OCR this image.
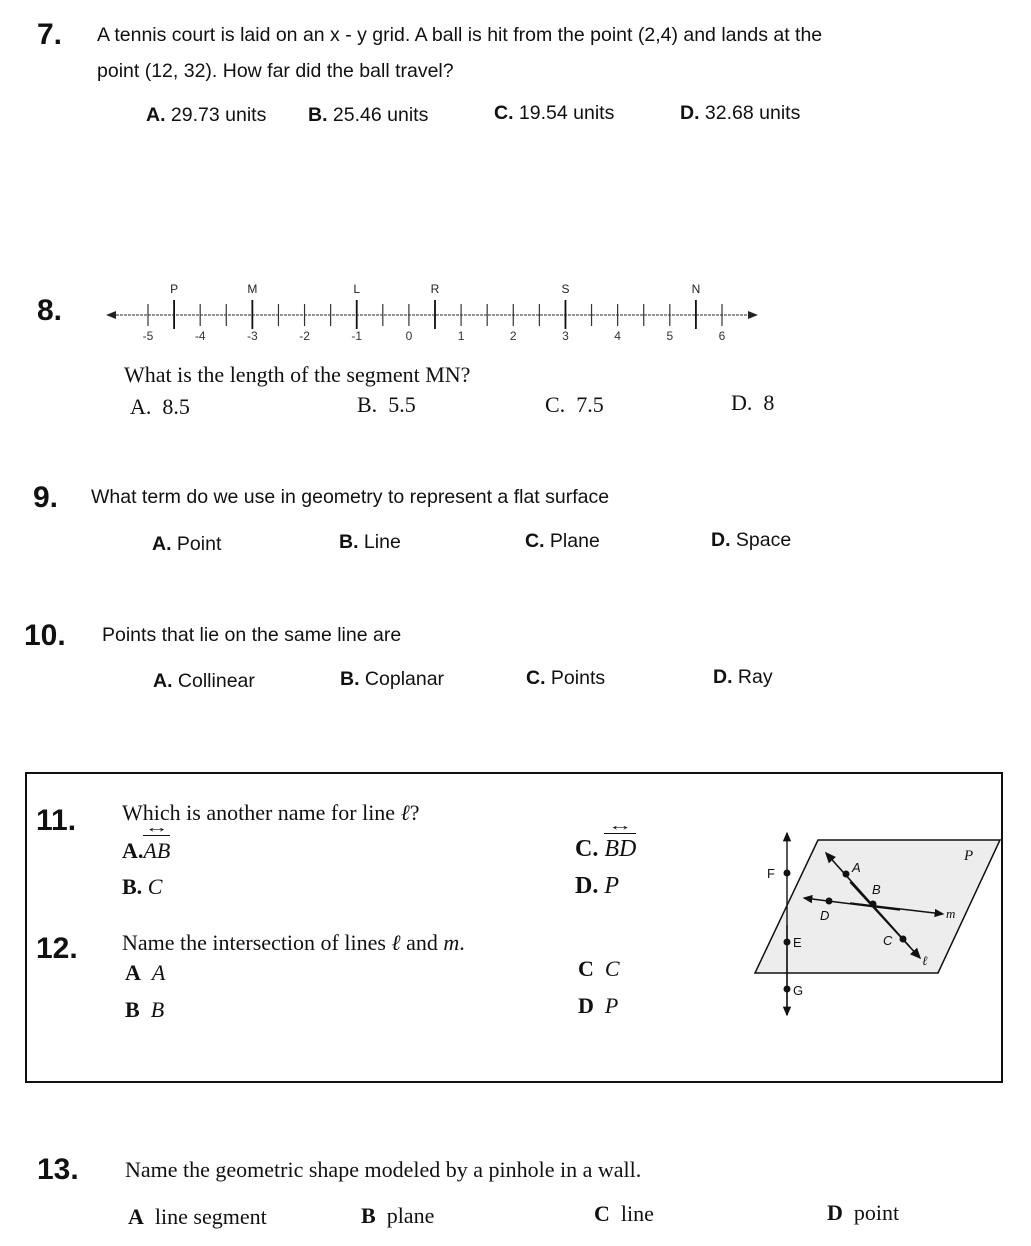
7. A tennis court is laid on an x - y grid. A ball is hit from the point (2,4) and lands at the
point (12, 32). How far did the ball travel?
A. 29.73 units B. 25.46 units	C. 19.54 units	D. 32.68 units
8.
-5	-4	-3	-2	-1	0	1	2	3	4	5	6
P	M	L	R	S	N
What is the length of the segment MN?
A. 8.5	B. 5.5	C. 7.5	D. 8
9. What term do we use in geometry to represent a flat surface
A. Point	B. Line	C. Plane	D. Space
10. Points that lie on the same line are
A. Collinear	B. Coplanar	C. Points	D. Ray
11. Which is another name for line ℓ?
A.AB ↔
B. C
C. BD ↔
D. P
12. Name the intersection of lines ℓ and m.
A A
B B
C C
D P
A
B
C
D
E
F
G
m
ℓ
P
13. Name the geometric shape modeled by a pinhole in a wall.
A line segment	B plane	C line	D point
